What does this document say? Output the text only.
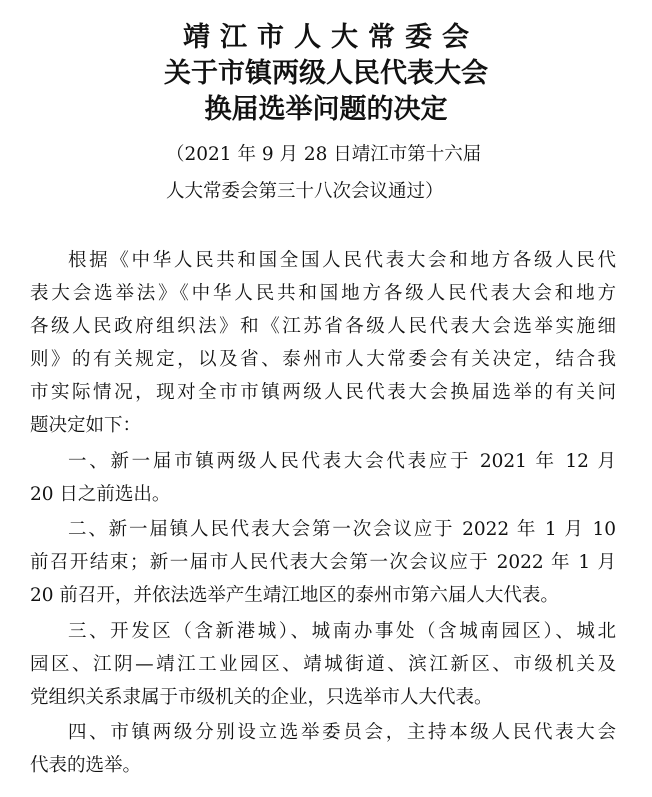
靖江市人大常委会
关于市镇两级人民代表大会
换届选举问题的决定
（2021 年 9 月 28 日靖江市第十六届
人大常委会第三十八次会议通过）
根据《中华人民共和国全国人民代表大会和地方各级人民代
表大会选举法》《中华人民共和国地方各级人民代表大会和地方
各级人民政府组织法》和《江苏省各级人民代表大会选举实施细
则》的有关规定，以及省、泰州市人大常委会有关决定，结合我
市实际情况，现对全市市镇两级人民代表大会换届选举的有关问
题决定如下：
一、新一届市镇两级人民代表大会代表应于 2021 年 12 月
20 日之前选出。
二、新一届镇人民代表大会第一次会议应于 2022 年 1 月 10
前召开结束；新一届市人民代表大会第一次会议应于 2022 年 1 月
20 前召开，并依法选举产生靖江地区的泰州市第六届人大代表。
三、开发区（含新港城）、城南办事处（含城南园区）、城北
园区、江阴—靖江工业园区、靖城街道、滨江新区、市级机关及
党组织关系隶属于市级机关的企业，只选举市人大代表。
四、市镇两级分别设立选举委员会，主持本级人民代表大会
代表的选举。
